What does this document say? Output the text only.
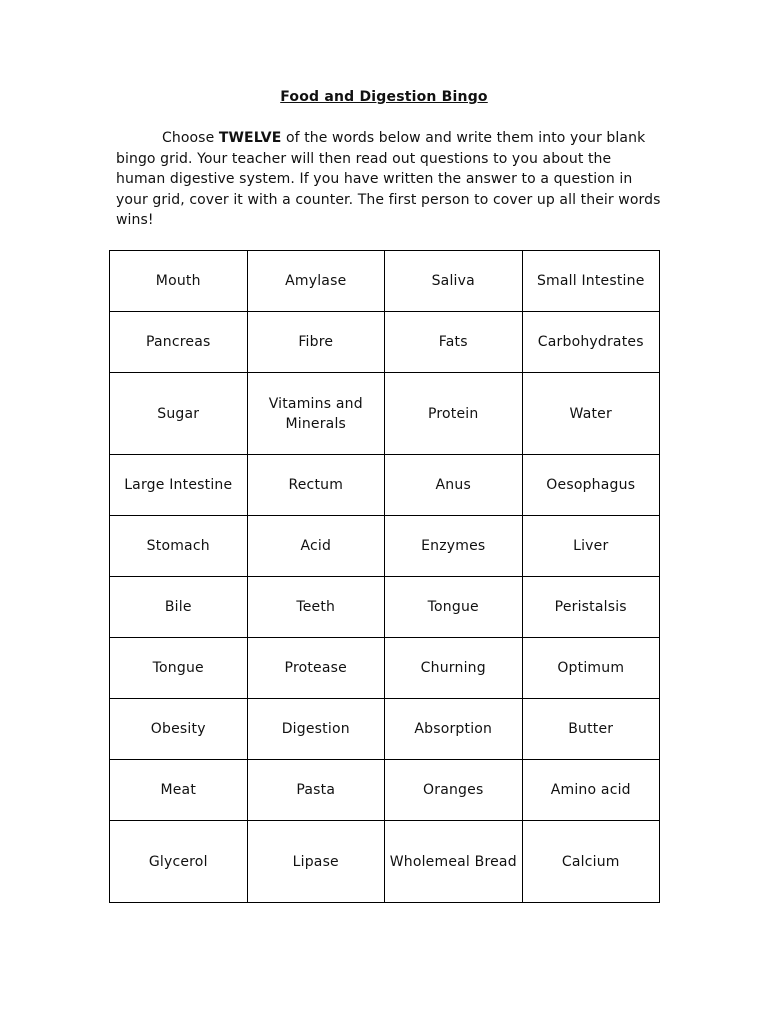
Food and Digestion Bingo
Choose TWELVE of the words below and write them into your blank bingo grid. Your teacher will then read out questions to you about the human digestive system. If you have written the answer to a question in your grid, cover it with a counter. The first person to cover up all their words wins!
Mouth	Amylase	Saliva	Small Intestine
Pancreas	Fibre	Fats	Carbohydrates
Sugar	Vitamins and Minerals	Protein	Water
Large Intestine	Rectum	Anus	Oesophagus
Stomach	Acid	Enzymes	Liver
Bile	Teeth	Tongue	Peristalsis
Tongue	Protease	Churning	Optimum
Obesity	Digestion	Absorption	Butter
Meat	Pasta	Oranges	Amino acid
Glycerol	Lipase	Wholemeal Bread	Calcium
